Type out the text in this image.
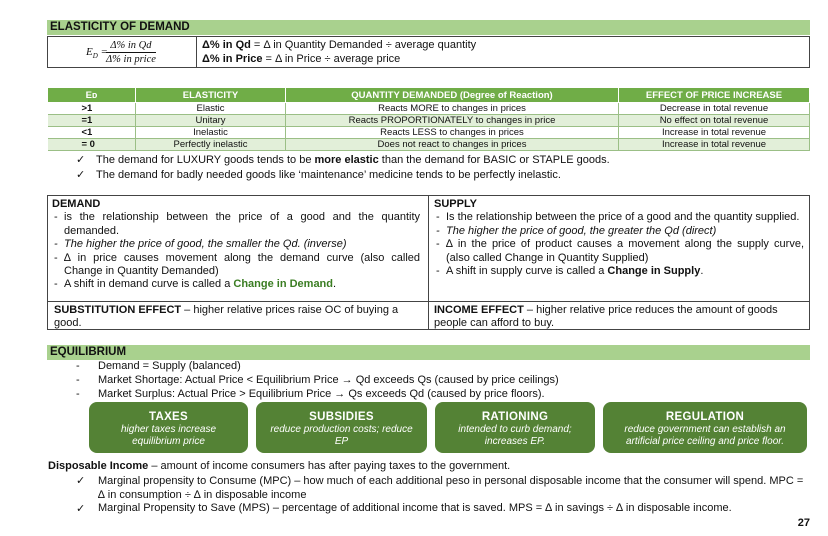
ELASTICITY OF DEMAND
$E_D$ =
Δ% in Qd
Δ% in price
Δ% in Qd = Δ in Quantity Demanded ÷ average quantity
Δ% in Price = Δ in Price ÷ average price
Eᴅ	ELASTICITY	QUANTITY DEMANDED (Degree of Reaction)	EFFECT OF PRICE INCREASE
>1	Elastic	Reacts MORE to changes in prices	Decrease in total revenue
=1	Unitary	Reacts PROPORTIONATELY to changes in price	No effect on total revenue
<1	Inelastic	Reacts LESS to changes in prices	Increase in total revenue
= 0	Perfectly inelastic	Does not react to changes in prices	Increase in total revenue
✓ The demand for LUXURY goods tends to be more elastic than the demand for BASIC or STAPLE goods.
✓ The demand for badly needed goods like ‘maintenance’ medicine tends to be perfectly inelastic.
DEMAND
- is the relationship between the price of a good and the quantity demanded.
- The higher the price of good, the smaller the Qd. (inverse)
- ∆ in price causes movement along the demand curve (also called Change in Quantity Demanded)
- A shift in demand curve is called a Change in Demand.
SUPPLY
- Is the relationship between the price of a good and the quantity supplied.
- The higher the price of good, the greater the Qd (direct)
- ∆ in the price of product causes a movement along the supply curve, (also called Change in Quantity Supplied)
- A shift in supply curve is called a Change in Supply.
SUBSTITUTION EFFECT – higher relative prices raise OC of buying a good.
INCOME EFFECT – higher relative price reduces the amount of goods people can afford to buy.
EQUILIBRIUM
- Demand = Supply (balanced)
- Market Shortage: Actual Price < Equilibrium Price → Qd exceeds Qs (caused by price ceilings)
- Market Surplus: Actual Price > Equilibrium Price → Qs exceeds Qd (caused by price floors).
TAXES
higher taxes increase equilibrium price
SUBSIDIES
reduce production costs; reduce EP
RATIONING
intended to curb demand; increases EP.
REGULATION
reduce government can establish an artificial price ceiling and price floor.
Disposable Income – amount of income consumers has after paying taxes to the government.
✓	Marginal propensity to Consume (MPC) – how much of each additional peso in personal disposable income that the consumer will spend. MPC = ∆ in consumption ÷ ∆ in disposable income
✓	Marginal Propensity to Save (MPS) – percentage of additional income that is saved. MPS = ∆ in savings ÷ ∆ in disposable income.
27
